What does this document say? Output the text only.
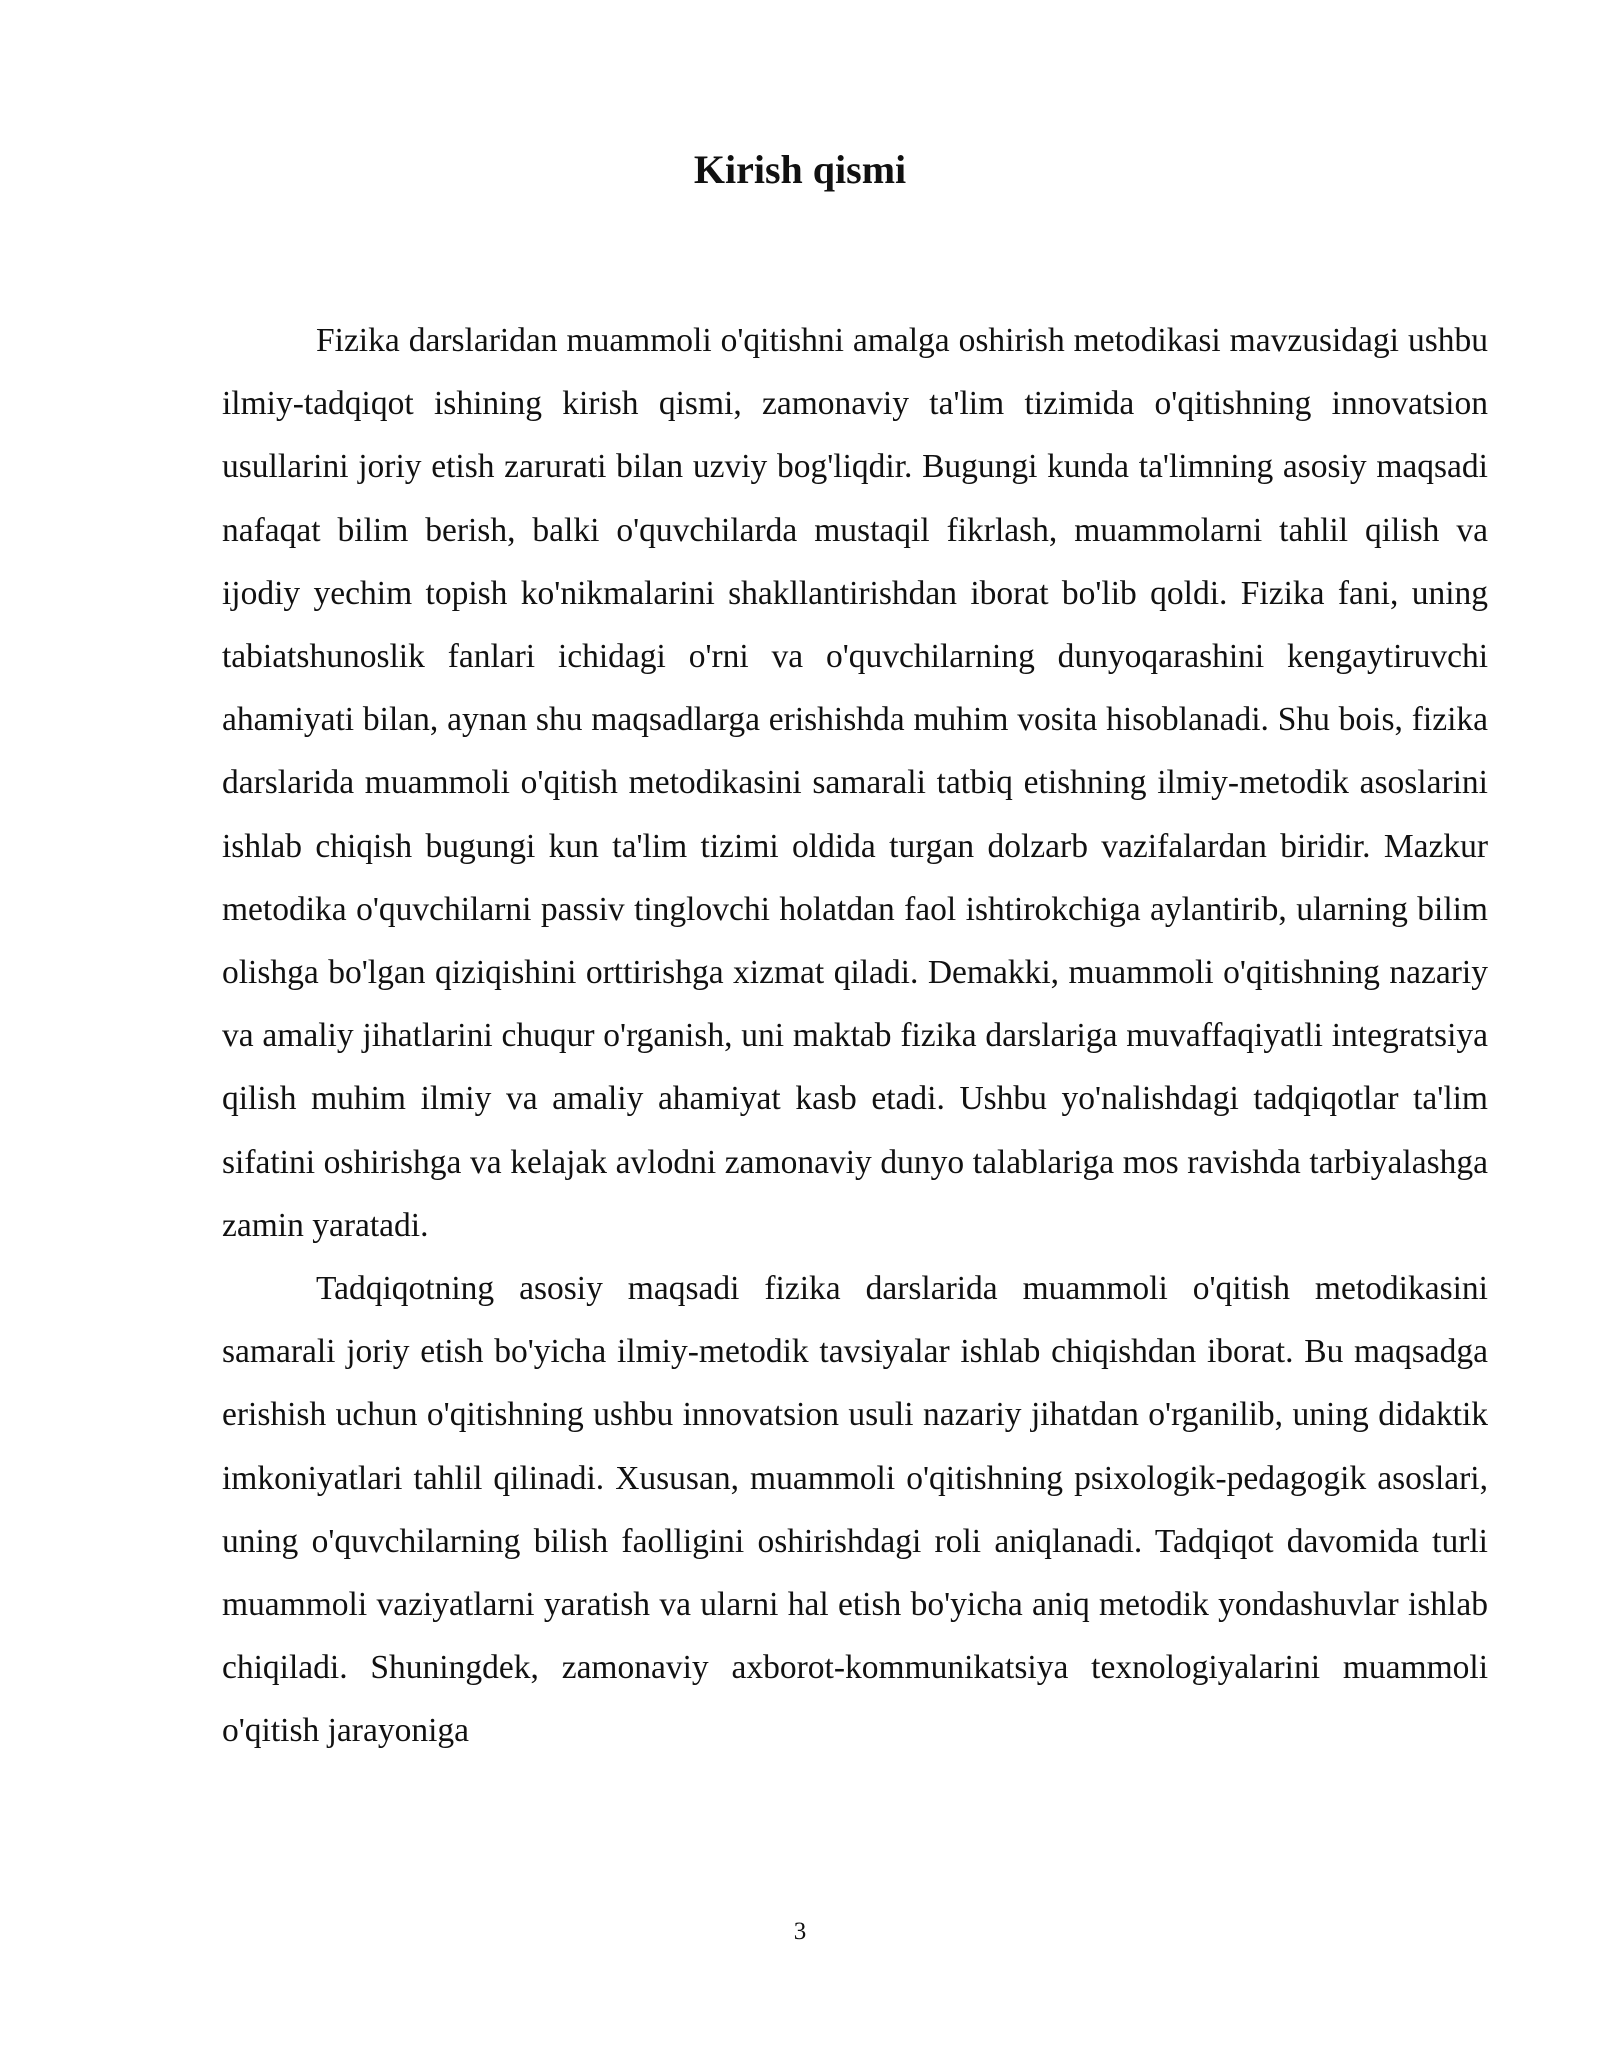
Kirish qismi

Fizika darslaridan muammoli o'qitishni amalga oshirish metodikasi mavzusidagi ushbu ilmiy-tadqiqot ishining kirish qismi, zamonaviy ta'lim tizimida o'qitishning innovatsion usullarini joriy etish zarurati bilan uzviy bog'liqdir. Bugungi kunda ta'limning asosiy maqsadi nafaqat bilim berish, balki o'quvchilarda mustaqil fikrlash, muammolarni tahlil qilish va ijodiy yechim topish ko'nikmalarini shakllantirishdan iborat bo'lib qoldi. Fizika fani, uning tabiatshunoslik fanlari ichidagi o'rni va o'quvchilarning dunyoqarashini kengaytiruvchi ahamiyati bilan, aynan shu maqsadlarga erishishda muhim vosita hisoblanadi. Shu bois, fizika darslarida muammoli o'qitish metodikasini samarali tatbiq etishning ilmiy-metodik asoslarini ishlab chiqish bugungi kun ta'lim tizimi oldida turgan dolzarb vazifalardan biridir. Mazkur metodika o'quvchilarni passiv tinglovchi holatdan faol ishtirokchiga aylantirib, ularning bilim olishga bo'lgan qiziqishini orttirishga xizmat qiladi. Demakki, muammoli o'qitishning nazariy va amaliy jihatlarini chuqur o'rganish, uni maktab fizika darslariga muvaffaqiyatli integratsiya qilish muhim ilmiy va amaliy ahamiyat kasb etadi. Ushbu yo'nalishdagi tadqiqotlar ta'lim sifatini oshirishga va kelajak avlodni zamonaviy dunyo talablariga mos ravishda tarbiyalashga zamin yaratadi.

Tadqiqotning asosiy maqsadi fizika darslarida muammoli o'qitish metodikasini samarali joriy etish bo'yicha ilmiy-metodik tavsiyalar ishlab chiqishdan iborat. Bu maqsadga erishish uchun o'qitishning ushbu innovatsion usuli nazariy jihatdan o'rganilib, uning didaktik imkoniyatlari tahlil qilinadi. Xususan, muammoli o'qitishning psixologik-pedagogik asoslari, uning o'quvchilarning bilish faolligini oshirishdagi roli aniqlanadi. Tadqiqot davomida turli muammoli vaziyatlarni yaratish va ularni hal etish bo'yicha aniq metodik yondashuvlar ishlab chiqiladi. Shuningdek, zamonaviy axborot-kommunikatsiya texnologiyalarini muammoli o'qitish jarayoniga

3
